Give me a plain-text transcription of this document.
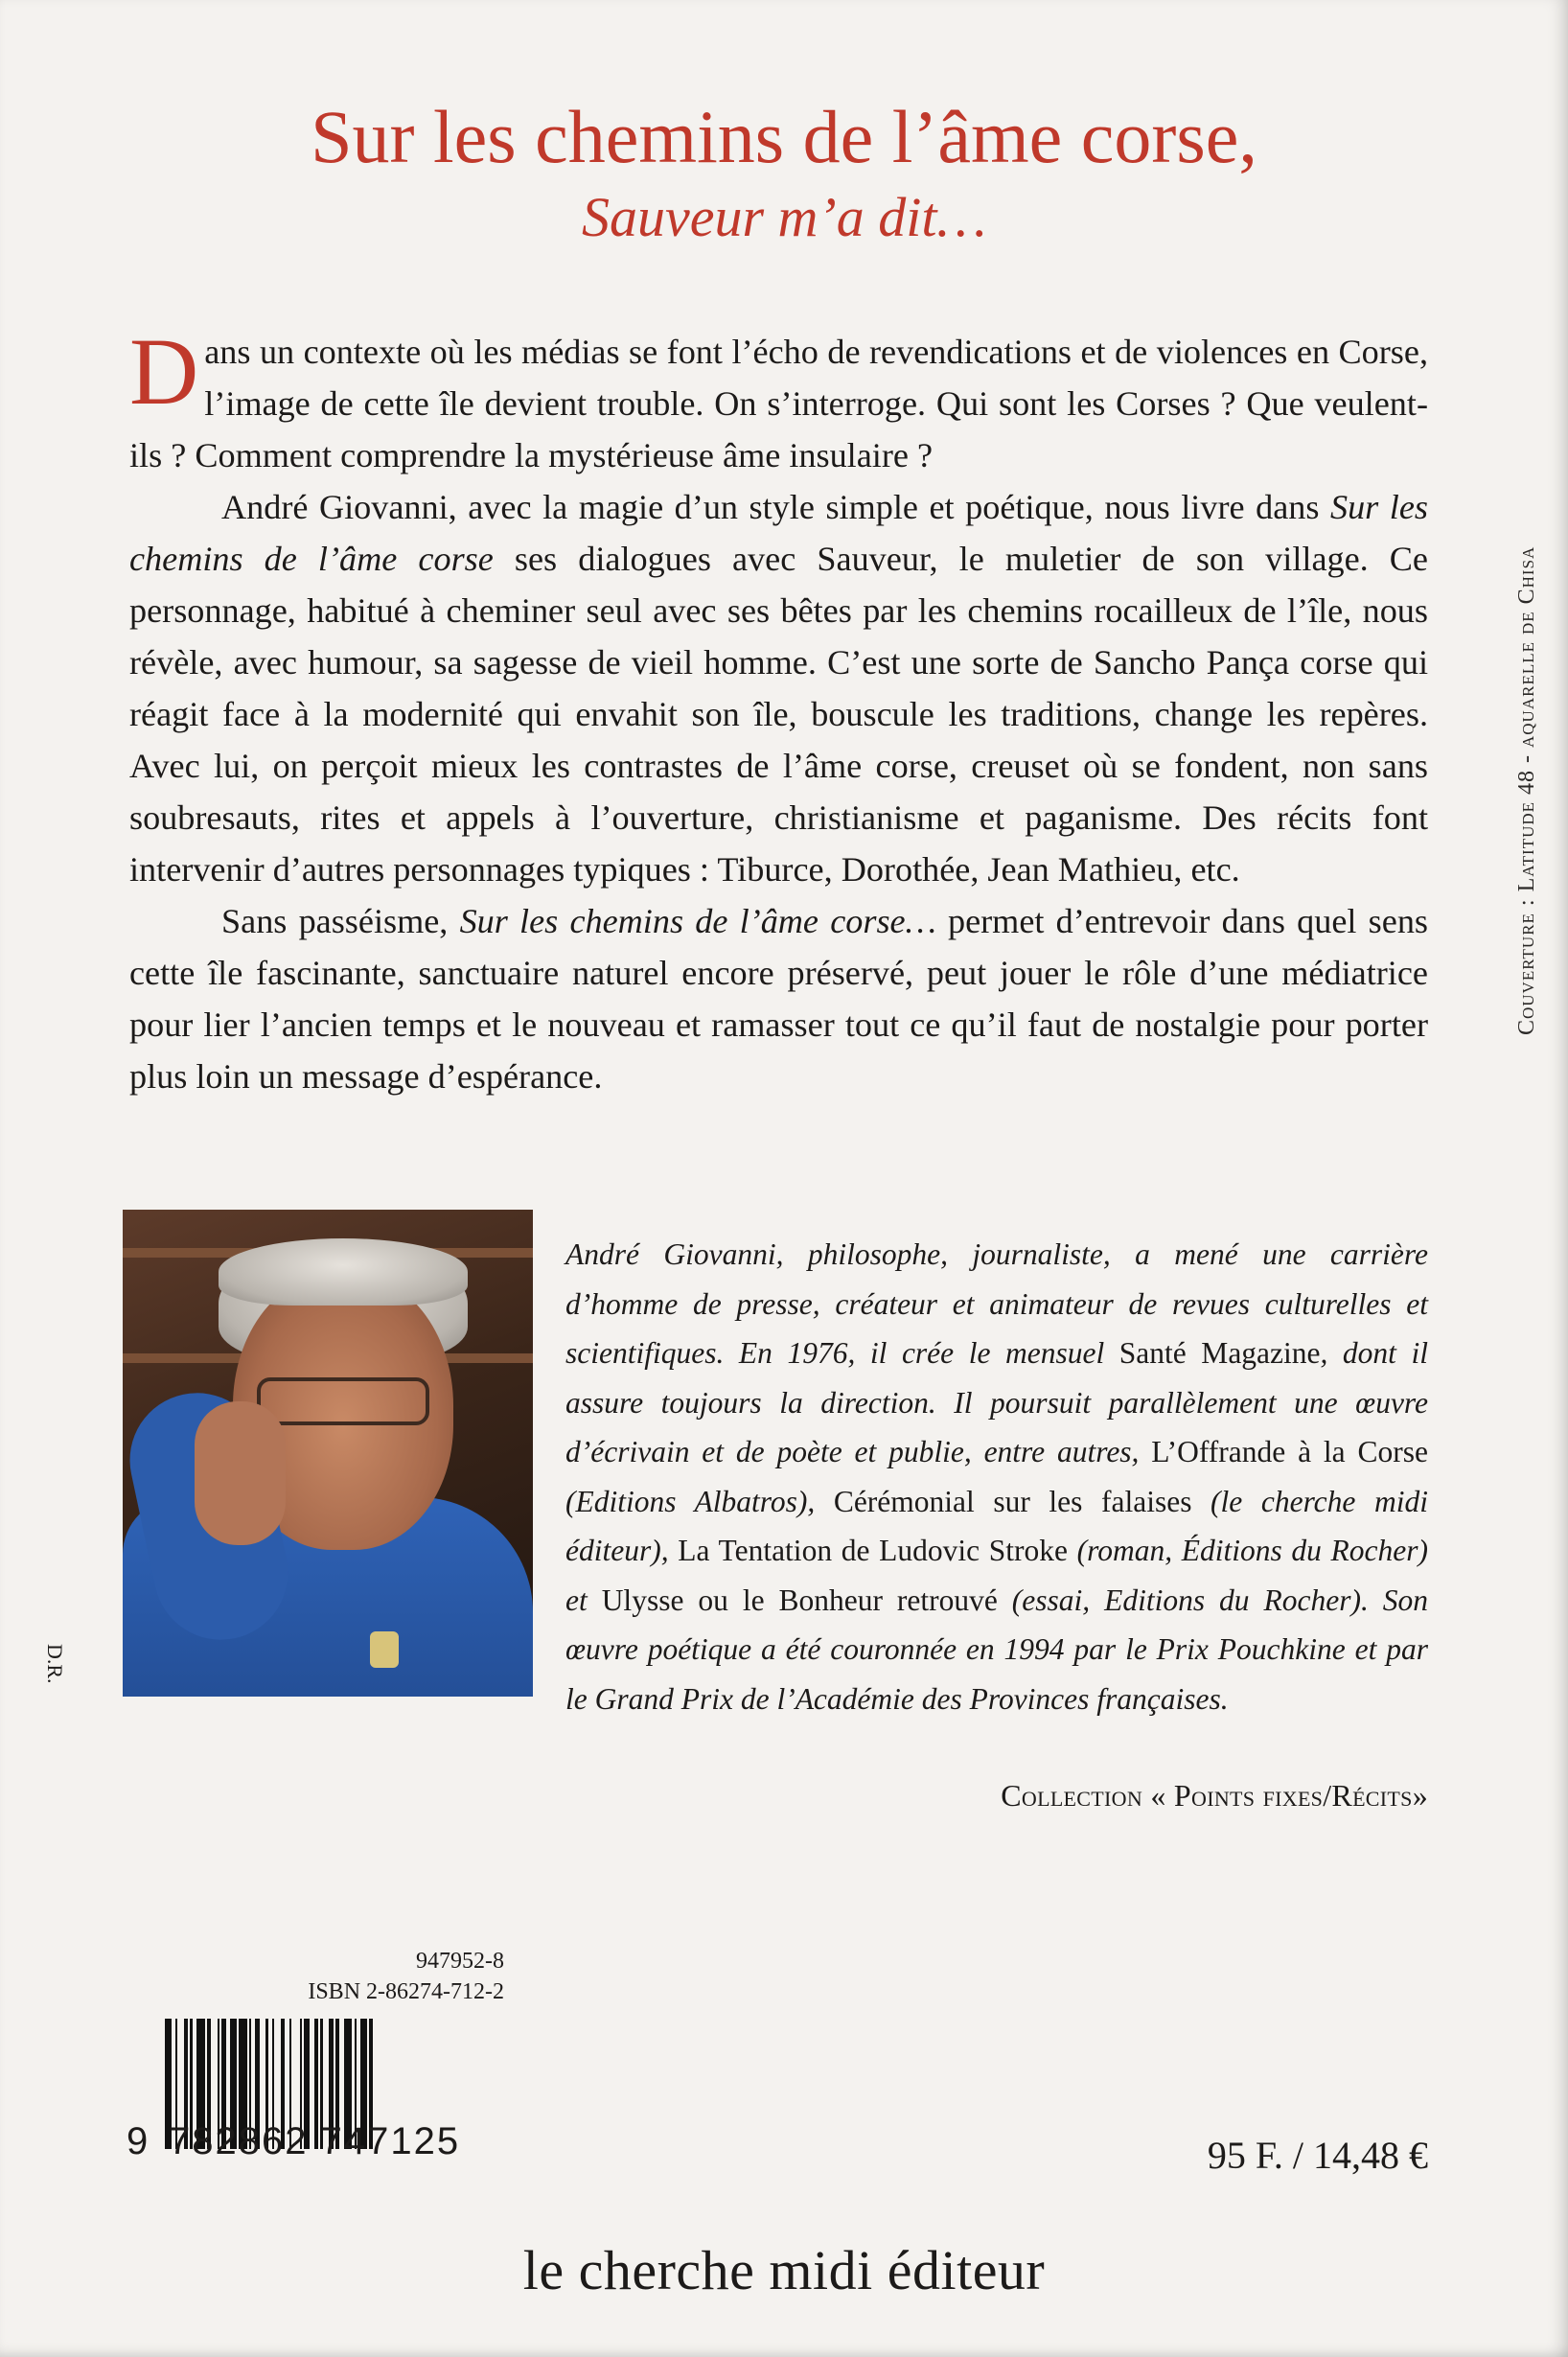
Sur les chemins de l’âme corse,
Sauveur m’a dit…

Dans un contexte où les médias se font l’écho de revendications et de violences en Corse, l’image de cette île devient trouble. On s’interroge. Qui sont les Corses ? Que veulent-ils ? Comment comprendre la mystérieuse âme insulaire ?

André Giovanni, avec la magie d’un style simple et poétique, nous livre dans Sur les chemins de l’âme corse ses dialogues avec Sauveur, le muletier de son village. Ce personnage, habitué à cheminer seul avec ses bêtes par les chemins rocailleux de l’île, nous révèle, avec humour, sa sagesse de vieil homme. C’est une sorte de Sancho Pança corse qui réagit face à la modernité qui envahit son île, bouscule les traditions, change les repères. Avec lui, on perçoit mieux les contrastes de l’âme corse, creuset où se fondent, non sans soubresauts, rites et appels à l’ouverture, christianisme et paganisme. Des récits font intervenir d’autres personnages typiques : Tiburce, Dorothée, Jean Mathieu, etc.

Sans passéisme, Sur les chemins de l’âme corse… permet d’entrevoir dans quel sens cette île fascinante, sanctuaire naturel encore préservé, peut jouer le rôle d’une médiatrice pour lier l’ancien temps et le nouveau et ramasser tout ce qu’il faut de nostalgie pour porter plus loin un message d’espérance.

Couverture : Latitude 48 - aquarelle de Chisa
D.R.

André Giovanni, philosophe, journaliste, a mené une carrière d’homme de presse, créateur et animateur de revues culturelles et scientifiques. En 1976, il crée le mensuel Santé Magazine, dont il assure toujours la direction. Il poursuit parallèlement une œuvre d’écrivain et de poète et publie, entre autres, L’Offrande à la Corse (Editions Albatros), Cérémonial sur les falaises (le cherche midi éditeur), La Tentation de Ludovic Stroke (roman, Éditions du Rocher) et Ulysse ou le Bonheur retrouvé (essai, Editions du Rocher). Son œuvre poétique a été couronnée en 1994 par le Prix Pouchkine et par le Grand Prix de l’Académie des Provinces françaises.

Collection « Points fixes/Récits»
947952-8
ISBN 2-86274-712-2
9 782862 747125	95 F. / 14,48 €
le cherche midi éditeur
